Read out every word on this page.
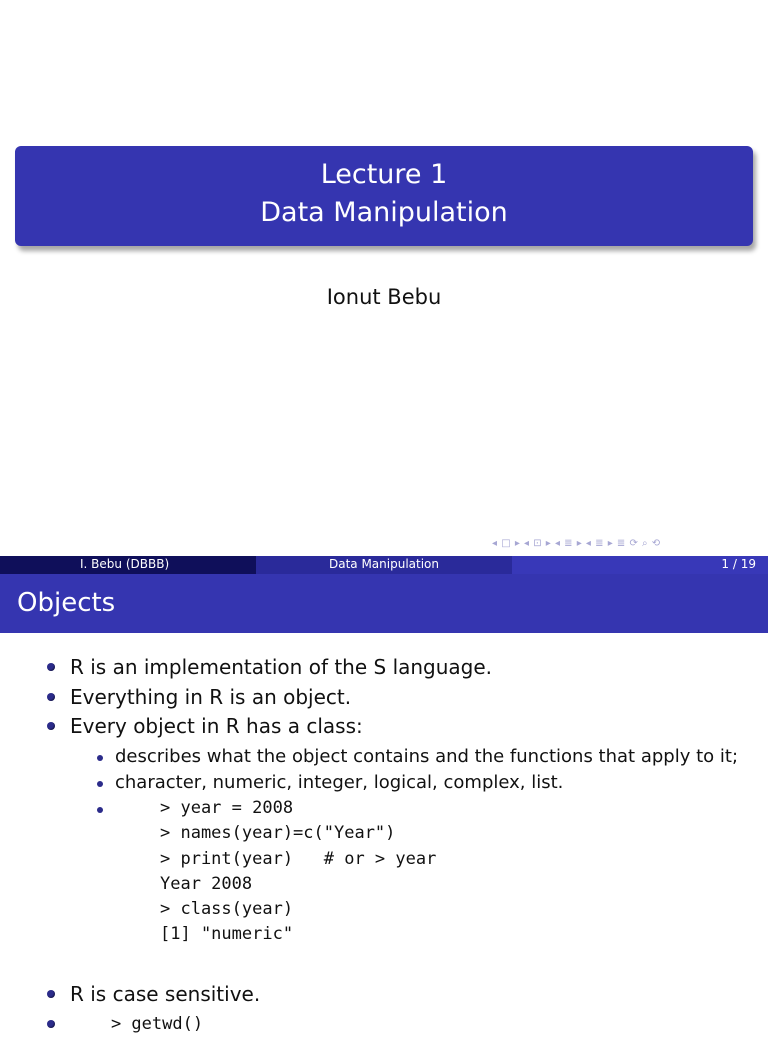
Lecture 1
Data Manipulation
Ionut Bebu
◂ □ ▸ ◂ ⊡ ▸ ◂ ≣ ▸ ◂ ≣ ▸ ≣ ⟳ ⌕ ⟲
I. Bebu (DBBB)	Data Manipulation	1 / 19
Objects
R is an implementation of the S language.
Everything in R is an object.
Every object in R has a class:
describes what the object contains and the functions that apply to it;
character, numeric, integer, logical, complex, list.
> year = 2008
> names(year)=c("Year")
> print(year)   # or > year
Year 2008
> class(year)
[1] "numeric"
R is case sensitive.
> getwd()
